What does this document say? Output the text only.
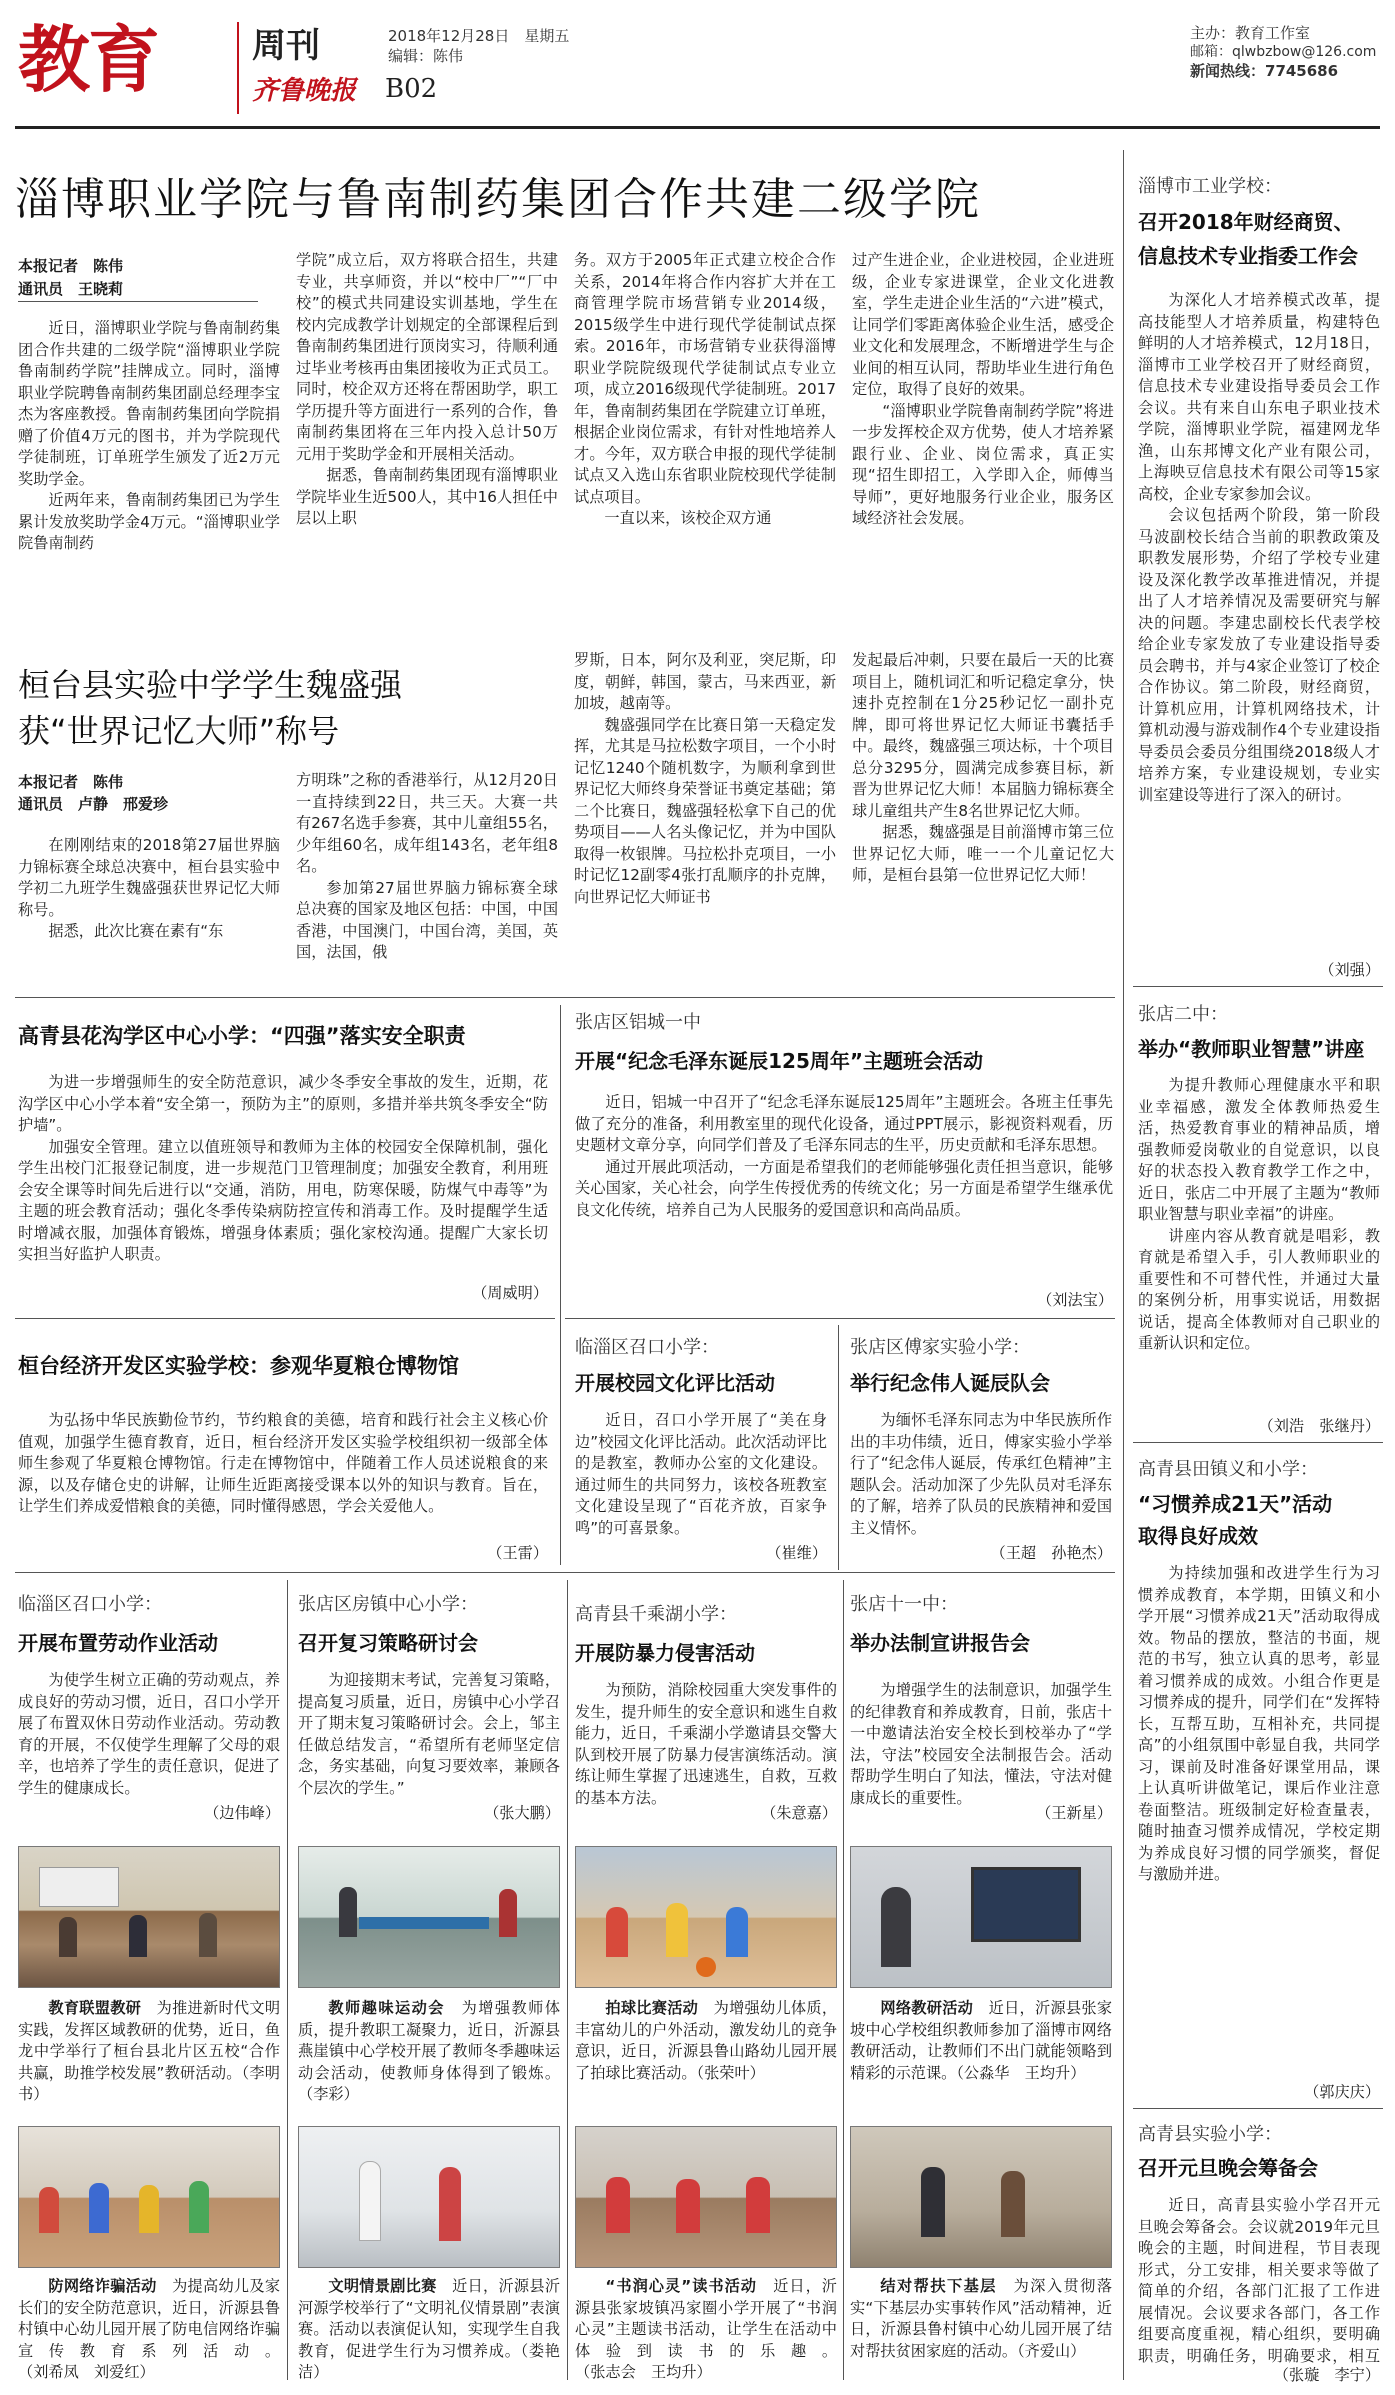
教育	周刊
齐鲁晚报 B02
2018年12月28日　星期五
编辑：陈伟
主办：教育工作室
邮箱：qlwbzbow@126.com
新闻热线：7745686
淄博职业学院与鲁南制药集团合作共建二级学院
本报记者　陈伟
通讯员　王晓莉

近日，淄博职业学院与鲁南制药集团合作共建的二级学院“淄博职业学院鲁南制药学院”挂牌成立。同时，淄博职业学院聘鲁南制药集团副总经理李宝杰为客座教授。鲁南制药集团向学院捐赠了价值4万元的图书，并为学院现代学徒制班，订单班学生颁发了近2万元奖助学金。

近两年来，鲁南制药集团已为学生累计发放奖助学金4万元。“淄博职业学院鲁南制药

学院”成立后，双方将联合招生，共建专业，共享师资，并以“校中厂”“厂中校”的模式共同建设实训基地，学生在校内完成教学计划规定的全部课程后到鲁南制药集团进行顶岗实习，待顺利通过毕业考核再由集团接收为正式员工。同时，校企双方还将在帮困助学，职工学历提升等方面进行一系列的合作，鲁南制药集团将在三年内投入总计50万元用于奖助学金和开展相关活动。

据悉，鲁南制药集团现有淄博职业学院毕业生近500人，其中16人担任中层以上职

务。双方于2005年正式建立校企合作关系，2014年将合作内容扩大并在工商管理学院市场营销专业2014级，2015级学生中进行现代学徒制试点探索。2016年，市场营销专业获得淄博职业学院院级现代学徒制试点专业立项，成立2016级现代学徒制班。2017年，鲁南制药集团在学院建立订单班，根据企业岗位需求，有针对性地培养人才。今年，双方联合申报的现代学徒制试点又入选山东省职业院校现代学徒制试点项目。

一直以来，该校企双方通

过产生进企业，企业进校园，企业进班级，企业专家进课堂，企业文化进教室，学生走进企业生活的“六进”模式，让同学们零距离体验企业生活，感受企业文化和发展理念，不断增进学生与企业间的相互认同，帮助毕业生进行角色定位，取得了良好的效果。

“淄博职业学院鲁南制药学院”将进一步发挥校企双方优势，使人才培养紧跟行业、企业、岗位需求，真正实现“招生即招工，入学即入企，师傅当导师”，更好地服务行业企业，服务区域经济社会发展。

桓台县实验中学学生魏盛强
获“世界记忆大师”称号
本报记者　陈伟
通讯员　卢静　邢爱珍

在刚刚结束的2018第27届世界脑力锦标赛全球总决赛中，桓台县实验中学初二九班学生魏盛强获世界记忆大师称号。

据悉，此次比赛在素有“东

方明珠”之称的香港举行，从12月20日一直持续到22日，共三天。大赛一共有267名选手参赛，其中儿童组55名，少年组60名，成年组143名，老年组8名。

参加第27届世界脑力锦标赛全球总决赛的国家及地区包括：中国，中国香港，中国澳门，中国台湾，美国，英国，法国，俄

罗斯，日本，阿尔及利亚，突尼斯，印度，朝鲜，韩国，蒙古，马来西亚，新加坡，越南等。

魏盛强同学在比赛日第一天稳定发挥，尤其是马拉松数字项目，一个小时记忆1240个随机数字，为顺利拿到世界记忆大师终身荣誉证书奠定基础；第二个比赛日，魏盛强轻松拿下自己的优势项目——人名头像记忆，并为中国队取得一枚银牌。马拉松扑克项目，一小时记忆12副零4张打乱顺序的扑克牌，向世界记忆大师证书

发起最后冲刺，只要在最后一天的比赛项目上，随机词汇和听记稳定拿分，快速扑克控制在1分25秒记忆一副扑克牌，即可将世界记忆大师证书囊括手中。最终，魏盛强三项达标，十个项目总分3295分，圆满完成参赛目标，新晋为世界记忆大师！本届脑力锦标赛全球儿童组共产生8名世界记忆大师。

据悉，魏盛强是目前淄博市第三位世界记忆大师，唯一一个儿童记忆大师，是桓台县第一位世界记忆大师！

淄博市工业学校：
召开2018年财经商贸、
信息技术专业指委工作会

为深化人才培养模式改革，提高技能型人才培养质量，构建特色鲜明的人才培养模式，12月18日，淄博市工业学校召开了财经商贸，信息技术专业建设指导委员会工作会议。共有来自山东电子职业技术学院，淄博职业学院，福建网龙华渔，山东邦博文化产业有限公司，上海映豆信息技术有限公司等15家高校，企业专家参加会议。

会议包括两个阶段，第一阶段马波副校长结合当前的职教政策及职教发展形势，介绍了学校专业建设及深化教学改革推进情况，并提出了人才培养情况及需要研究与解决的问题。李建忠副校长代表学校给企业专家发放了专业建设指导委员会聘书，并与4家企业签订了校企合作协议。第二阶段，财经商贸，计算机应用，计算机网络技术，计算机动漫与游戏制作4个专业建设指导委员会委员分组围绕2018级人才培养方案，专业建设规划，专业实训室建设等进行了深入的研讨。

（刘强）
张店二中：
举办“教师职业智慧”讲座

为提升教师心理健康水平和职业幸福感，激发全体教师热爱生活，热爱教育事业的精神品质，增强教师爱岗敬业的自觉意识，以良好的状态投入教育教学工作之中，近日，张店二中开展了主题为“教师职业智慧与职业幸福”的讲座。

讲座内容从教育就是唱彩，教育就是希望入手，引人教师职业的重要性和不可替代性，并通过大量的案例分析，用事实说话，用数据说话，提高全体教师对自己职业的重新认识和定位。

（刘浩　张继丹）
高青县田镇义和小学：
“习惯养成21天”活动
取得良好成效

为持续加强和改进学生行为习惯养成教育，本学期，田镇义和小学开展“习惯养成21天”活动取得成效。物品的摆放，整洁的书面，规范的书写，独立认真的思考，彰显着习惯养成的成效。小组合作更是习惯养成的提升，同学们在“发挥特长，互帮互助，互相补充，共同提高”的小组氛围中彰显自我，共同学习，课前及时准备好课堂用品，课上认真听讲做笔记，课后作业注意卷面整洁。班级制定好检查量表，随时抽查习惯养成情况，学校定期为养成良好习惯的同学颁奖，督促与激励并进。

（郭庆庆）
高青县实验小学：
召开元旦晚会筹备会

近日，高青县实验小学召开元旦晚会筹备会。会议就2019年元旦晚会的主题，时间进程，节目表现形式，分工安排，相关要求等做了简单的介绍，各部门汇报了工作进展情况。会议要求各部门，各工作组要高度重视，精心组织，要明确职责，明确任务，明确要求，相互

（张璇　李宁）
高青县花沟学区中心小学：“四强”落实安全职责

为进一步增强师生的安全防范意识，减少冬季安全事故的发生，近期，花沟学区中心小学本着“安全第一，预防为主”的原则，多措并举共筑冬季安全“防护墙”。

加强安全管理。建立以值班领导和教师为主体的校园安全保障机制，强化学生出校门汇报登记制度，进一步规范门卫管理制度；加强安全教育，利用班会安全课等时间先后进行以“交通，消防，用电，防寒保暖，防煤气中毒等”为主题的班会教育活动；强化冬季传染病防控宣传和消毒工作。及时提醒学生适时增减衣服，加强体育锻炼，增强身体素质；强化家校沟通。提醒广大家长切实担当好监护人职责。

（周威明）
张店区铝城一中
开展“纪念毛泽东诞辰125周年”主题班会活动

近日，铝城一中召开了“纪念毛泽东诞辰125周年”主题班会。各班主任事先做了充分的准备，利用教室里的现代化设备，通过PPT展示，影视资料观看，历史题材文章分享，向同学们普及了毛泽东同志的生平，历史贡献和毛泽东思想。

通过开展此项活动，一方面是希望我们的老师能够强化责任担当意识，能够关心国家，关心社会，向学生传授优秀的传统文化；另一方面是希望学生继承优良文化传统，培养自己为人民服务的爱国意识和高尚品质。

（刘法宝）
桓台经济开发区实验学校：参观华夏粮仓博物馆

为弘扬中华民族勤俭节约，节约粮食的美德，培育和践行社会主义核心价值观，加强学生德育教育，近日，桓台经济开发区实验学校组织初一级部全体师生参观了华夏粮仓博物馆。行走在博物馆中，伴随着工作人员述说粮食的来源，以及存储仓史的讲解，让师生近距离接受课本以外的知识与教育。旨在，让学生们养成爱惜粮食的美德，同时懂得感恩，学会关爱他人。

（王雷）
临淄区召口小学：
开展校园文化评比活动

近日，召口小学开展了“美在身边”校园文化评比活动。此次活动评比的是教室，教师办公室的文化建设。通过师生的共同努力，该校各班教室文化建设呈现了“百花齐放，百家争鸣”的可喜景象。

（崔维）
张店区傅家实验小学：
举行纪念伟人诞辰队会

为缅怀毛泽东同志为中华民族所作出的丰功伟绩，近日，傅家实验小学举行了“纪念伟人诞辰，传承红色精神”主题队会。活动加深了少先队员对毛泽东的了解，培养了队员的民族精神和爱国主义情怀。

（王超　孙艳杰）
临淄区召口小学：
开展布置劳动作业活动

为使学生树立正确的劳动观点，养成良好的劳动习惯，近日，召口小学开展了布置双休日劳动作业活动。劳动教育的开展，不仅使学生理解了父母的艰辛，也培养了学生的责任意识，促进了学生的健康成长。

（边伟峰）
张店区房镇中心小学：
召开复习策略研讨会

为迎接期末考试，完善复习策略，提高复习质量，近日，房镇中心小学召开了期末复习策略研讨会。会上，邹主任做总结发言，“希望所有老师坚定信念，务实基础，向复习要效率，兼顾各个层次的学生。”

（张大鹏）
高青县千乘湖小学：
开展防暴力侵害活动

为预防，消除校园重大突发事件的发生，提升师生的安全意识和逃生自救能力，近日，千乘湖小学邀请县交警大队到校开展了防暴力侵害演练活动。演练让师生掌握了迅速逃生，自救，互救的基本方法。

（朱意嘉）
张店十一中：
举办法制宣讲报告会

为增强学生的法制意识，加强学生的纪律教育和养成教育，日前，张店十一中邀请法治安全校长到校举办了“学法，守法”校园安全法制报告会。活动帮助学生明白了知法，懂法，守法对健康成长的重要性。

（王新星）
教育联盟教研　 为推进新时代文明实践，发挥区域教研的优势，近日，鱼龙中学举行了桓台县北片区五校“合作共赢，助推学校发展”教研活动。（李明书）
教师趣味运动会　 为增强教师体质，提升教职工凝聚力，近日，沂源县燕崖镇中心学校开展了教师冬季趣味运动会活动，使教师身体得到了锻炼。（李彩）
拍球比赛活动　 为增强幼儿体质，丰富幼儿的户外活动，激发幼儿的竞争意识，近日，沂源县鲁山路幼儿园开展了拍球比赛活动。（张荣叶）
网络教研活动　 近日，沂源县张家坡中心学校组织教师参加了淄博市网络教研活动，让教师们不出门就能领略到精彩的示范课。（公淼华　王均升）
防网络诈骗活动　 为提高幼儿及家长们的安全防范意识，近日，沂源县鲁村镇中心幼儿园开展了防电信网络诈骗宣传教育系列活动。（刘希凤　刘爱红）
文明情景剧比赛　 近日，沂源县沂河源学校举行了“文明礼仪情景剧”表演赛。活动以表演促认知，实现学生自我教育，促进学生行为习惯养成。（娄艳洁）
“书润心灵”读书活动　 近日，沂源县张家坡镇冯家圈小学开展了“书润心灵”主题读书活动，让学生在活动中体验到读书的乐趣。（张志会　王均升）
结对帮扶下基层　 为深入贯彻落实“下基层办实事转作风”活动精神，近日，沂源县鲁村镇中心幼儿园开展了结对帮扶贫困家庭的活动。（齐爱山）
